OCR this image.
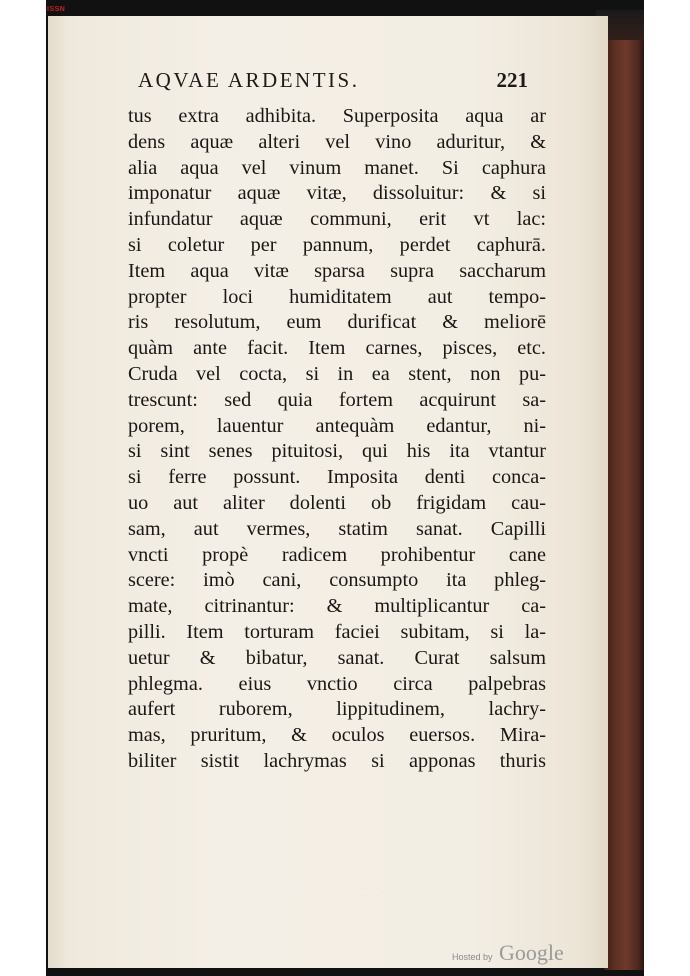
ISSN
AQVAE ARDENTIS.	221
tus extra adhibita. Superposita aqua ar
dens aquæ alteri vel vino aduritur, &
alia aqua vel vinum manet. Si caphura
imponatur aquæ vitæ, dissoluitur: & si
infundatur aquæ communi, erit vt lac:
si coletur per pannum, perdet caphurā.
Item aqua vitæ sparsa supra saccharum
propter loci humiditatem aut tempo-
ris resolutum, eum durificat & meliorē
quàm ante facit. Item carnes, pisces, etc.
Cruda vel cocta, si in ea stent, non pu-
trescunt: sed quia fortem acquirunt sa-
porem, lauentur antequàm edantur, ni-
si sint senes pituitosi, qui his ita vtantur
si ferre possunt. Imposita denti conca-
uo aut aliter dolenti ob frigidam cau-
sam, aut vermes, statim sanat. Capilli
vncti propè radicem prohibentur cane
scere: imò cani, consumpto ita phleg-
mate, citrinantur: & multiplicantur ca-
pilli. Item torturam faciei subitam, si la-
uetur & bibatur, sanat. Curat salsum
phlegma. eius vnctio circa palpebras
aufert ruborem, lippitudinem, lachry-
mas, pruritum, & oculos euersos. Mira-
biliter sistit lachrymas si apponas thuris
Hosted by Google
